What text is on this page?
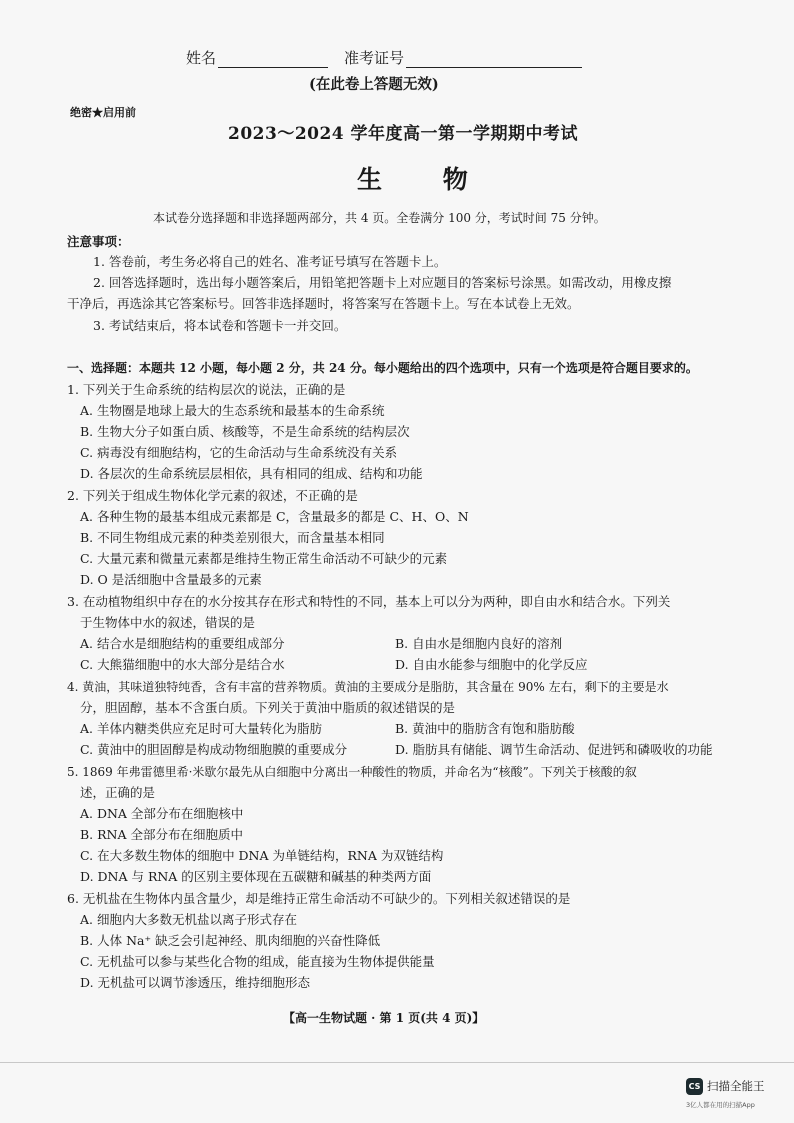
姓名	准考证号
(在此卷上答题无效)
绝密★启用前
2023～2024 学年度高一第一学期期中考试
生 物
本试卷分选择题和非选择题两部分，共 4 页。全卷满分 100 分，考试时间 75 分钟。
注意事项：
1. 答卷前，考生务必将自己的姓名、准考证号填写在答题卡上。
2. 回答选择题时，选出每小题答案后，用铅笔把答题卡上对应题目的答案标号涂黑。如需改动，用橡皮擦
干净后，再选涂其它答案标号。回答非选择题时，将答案写在答题卡上。写在本试卷上无效。
3. 考试结束后，将本试卷和答题卡一并交回。
一、选择题：本题共 12 小题，每小题 2 分，共 24 分。每小题给出的四个选项中，只有一个选项是符合题目要求的。
1. 下列关于生命系统的结构层次的说法，正确的是
A. 生物圈是地球上最大的生态系统和最基本的生命系统
B. 生物大分子如蛋白质、核酸等，不是生命系统的结构层次
C. 病毒没有细胞结构，它的生命活动与生命系统没有关系
D. 各层次的生命系统层层相依，具有相同的组成、结构和功能
2. 下列关于组成生物体化学元素的叙述，不正确的是
A. 各种生物的最基本组成元素都是 C，含量最多的都是 C、H、O、N
B. 不同生物组成元素的种类差别很大，而含量基本相同
C. 大量元素和微量元素都是维持生物正常生命活动不可缺少的元素
D. O 是活细胞中含量最多的元素
3. 在动植物组织中存在的水分按其存在形式和特性的不同，基本上可以分为两种，即自由水和结合水。下列关
于生物体中水的叙述，错误的是
A. 结合水是细胞结构的重要组成部分	B. 自由水是细胞内良好的溶剂
C. 大熊猫细胞中的水大部分是结合水	D. 自由水能参与细胞中的化学反应
4. 黄油，其味道独特纯香，含有丰富的营养物质。黄油的主要成分是脂肪，其含量在 90% 左右，剩下的主要是水
分，胆固醇，基本不含蛋白质。下列关于黄油中脂质的叙述错误的是
A. 羊体内糖类供应充足时可大量转化为脂肪	B. 黄油中的脂肪含有饱和脂肪酸
C. 黄油中的胆固醇是构成动物细胞膜的重要成分	D. 脂肪具有储能、调节生命活动、促进钙和磷吸收的功能
5. 1869 年弗雷德里希·米歇尔最先从白细胞中分离出一种酸性的物质，并命名为“核酸”。下列关于核酸的叙
述，正确的是
A. DNA 全部分布在细胞核中
B. RNA 全部分布在细胞质中
C. 在大多数生物体的细胞中 DNA 为单链结构，RNA 为双链结构
D. DNA 与 RNA 的区别主要体现在五碳糖和碱基的种类两方面
6. 无机盐在生物体内虽含量少，却是维持正常生命活动不可缺少的。下列相关叙述错误的是
A. 细胞内大多数无机盐以离子形式存在
B. 人体 Na⁺ 缺乏会引起神经、肌肉细胞的兴奋性降低
C. 无机盐可以参与某些化合物的组成，能直接为生物体提供能量
D. 无机盐可以调节渗透压，维持细胞形态
【高一生物试题 · 第 1 页(共 4 页)】
CS 扫描全能王
3亿人都在用的扫描App
